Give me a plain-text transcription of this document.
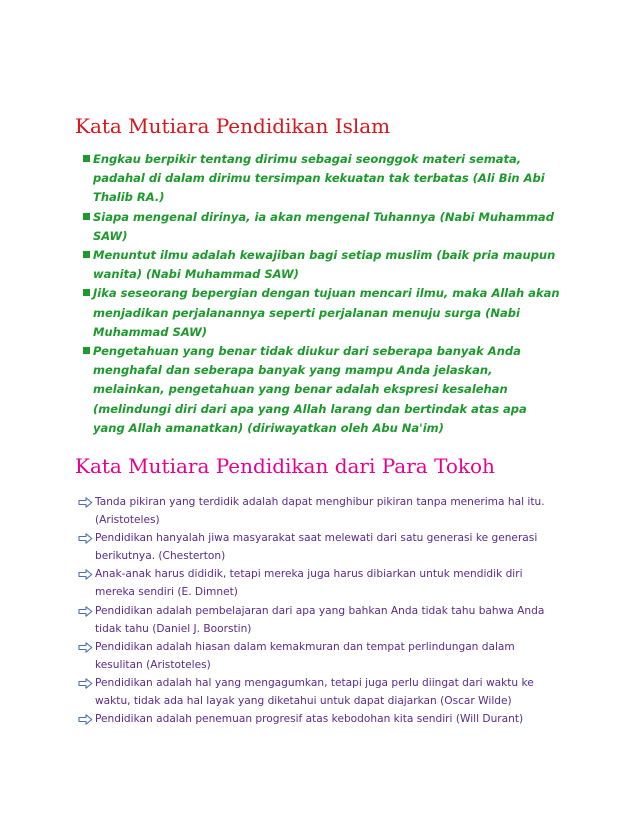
Kata Mutiara Pendidikan Islam
Engkau berpikir tentang dirimu sebagai seonggok materi semata, padahal di dalam dirimu tersimpan kekuatan tak terbatas (Ali Bin Abi Thalib RA.)
Siapa mengenal dirinya, ia akan mengenal Tuhannya (Nabi Muhammad SAW)
Menuntut ilmu adalah kewajiban bagi setiap muslim (baik pria maupun wanita) (Nabi Muhammad SAW)
Jika seseorang bepergian dengan tujuan mencari ilmu, maka Allah akan menjadikan perjalanannya seperti perjalanan menuju surga (Nabi Muhammad SAW)
Pengetahuan yang benar tidak diukur dari seberapa banyak Anda menghafal dan seberapa banyak yang mampu Anda jelaskan, melainkan, pengetahuan yang benar adalah ekspresi kesalehan (melindungi diri dari apa yang Allah larang dan bertindak atas apa yang Allah amanatkan) (diriwayatkan oleh Abu Na'im)
Kata Mutiara Pendidikan dari Para Tokoh
Tanda pikiran yang terdidik adalah dapat menghibur pikiran tanpa menerima hal itu. (Aristoteles)
Pendidikan hanyalah jiwa masyarakat saat melewati dari satu generasi ke generasi berikutnya. (Chesterton)
Anak-anak harus dididik, tetapi mereka juga harus dibiarkan untuk mendidik diri mereka sendiri (E. Dimnet)
Pendidikan adalah pembelajaran dari apa yang bahkan Anda tidak tahu bahwa Anda tidak tahu (Daniel J. Boorstin)
Pendidikan adalah hiasan dalam kemakmuran dan tempat perlindungan dalam kesulitan (Aristoteles)
Pendidikan adalah hal yang mengagumkan, tetapi juga perlu diingat dari waktu ke waktu, tidak ada hal layak yang diketahui untuk dapat diajarkan (Oscar Wilde)
Pendidikan adalah penemuan progresif atas kebodohan kita sendiri (Will Durant)
